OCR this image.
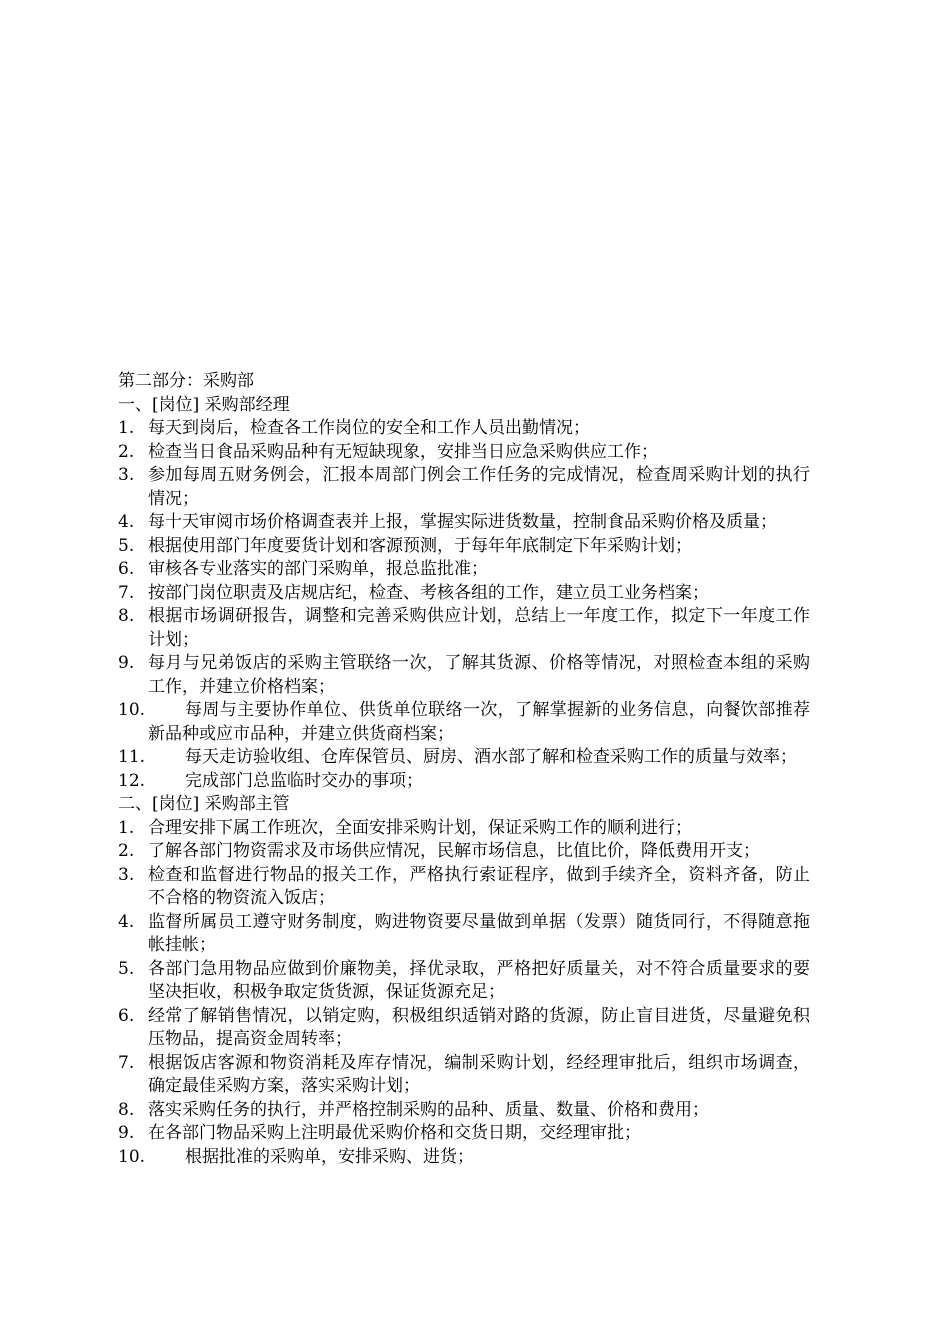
第二部分：采购部
一、[岗位] 采购部经理
1. 每天到岗后，检查各工作岗位的安全和工作人员出勤情况；
2. 检查当日食品采购品种有无短缺现象，安排当日应急采购供应工作；
3. 参加每周五财务例会，汇报本周部门例会工作任务的完成情况，检查周采购计划的执行情况；
4. 每十天审阅市场价格调查表并上报，掌握实际进货数量，控制食品采购价格及质量；
5. 根据使用部门年度要货计划和客源预测，于每年年底制定下年采购计划；
6. 审核各专业落实的部门采购单，报总监批准；
7. 按部门岗位职责及店规店纪，检查、考核各组的工作，建立员工业务档案；
8. 根据市场调研报告，调整和完善采购供应计划，总结上一年度工作，拟定下一年度工作计划；
9. 每月与兄弟饭店的采购主管联络一次，了解其货源、价格等情况，对照检查本组的采购工作，并建立价格档案；
10.	每周与主要协作单位、供货单位联络一次，了解掌握新的业务信息，向餐饮部推荐新品种或应市品种，并建立供货商档案；
11.	每天走访验收组、仓库保管员、厨房、酒水部了解和检查采购工作的质量与效率；
12.	完成部门总监临时交办的事项；
二、[岗位] 采购部主管
1. 合理安排下属工作班次，全面安排采购计划，保证采购工作的顺利进行；
2. 了解各部门物资需求及市场供应情况，民解市场信息，比值比价，降低费用开支；
3. 检查和监督进行物品的报关工作，严格执行索证程序，做到手续齐全，资料齐备，防止不合格的物资流入饭店；
4. 监督所属员工遵守财务制度，购进物资要尽量做到单据（发票）随货同行，不得随意拖帐挂帐；
5. 各部门急用物品应做到价廉物美，择优录取，严格把好质量关，对不符合质量要求的要坚决拒收，积极争取定货货源，保证货源充足；
6. 经常了解销售情况，以销定购，积极组织适销对路的货源，防止盲目进货，尽量避免积压物品，提高资金周转率；
7. 根据饭店客源和物资消耗及库存情况，编制采购计划，经经理审批后，组织市场调查，确定最佳采购方案，落实采购计划；
8. 落实采购任务的执行，并严格控制采购的品种、质量、数量、价格和费用；
9. 在各部门物品采购上注明最优采购价格和交货日期，交经理审批；
10.	根据批准的采购单，安排采购、进货；
